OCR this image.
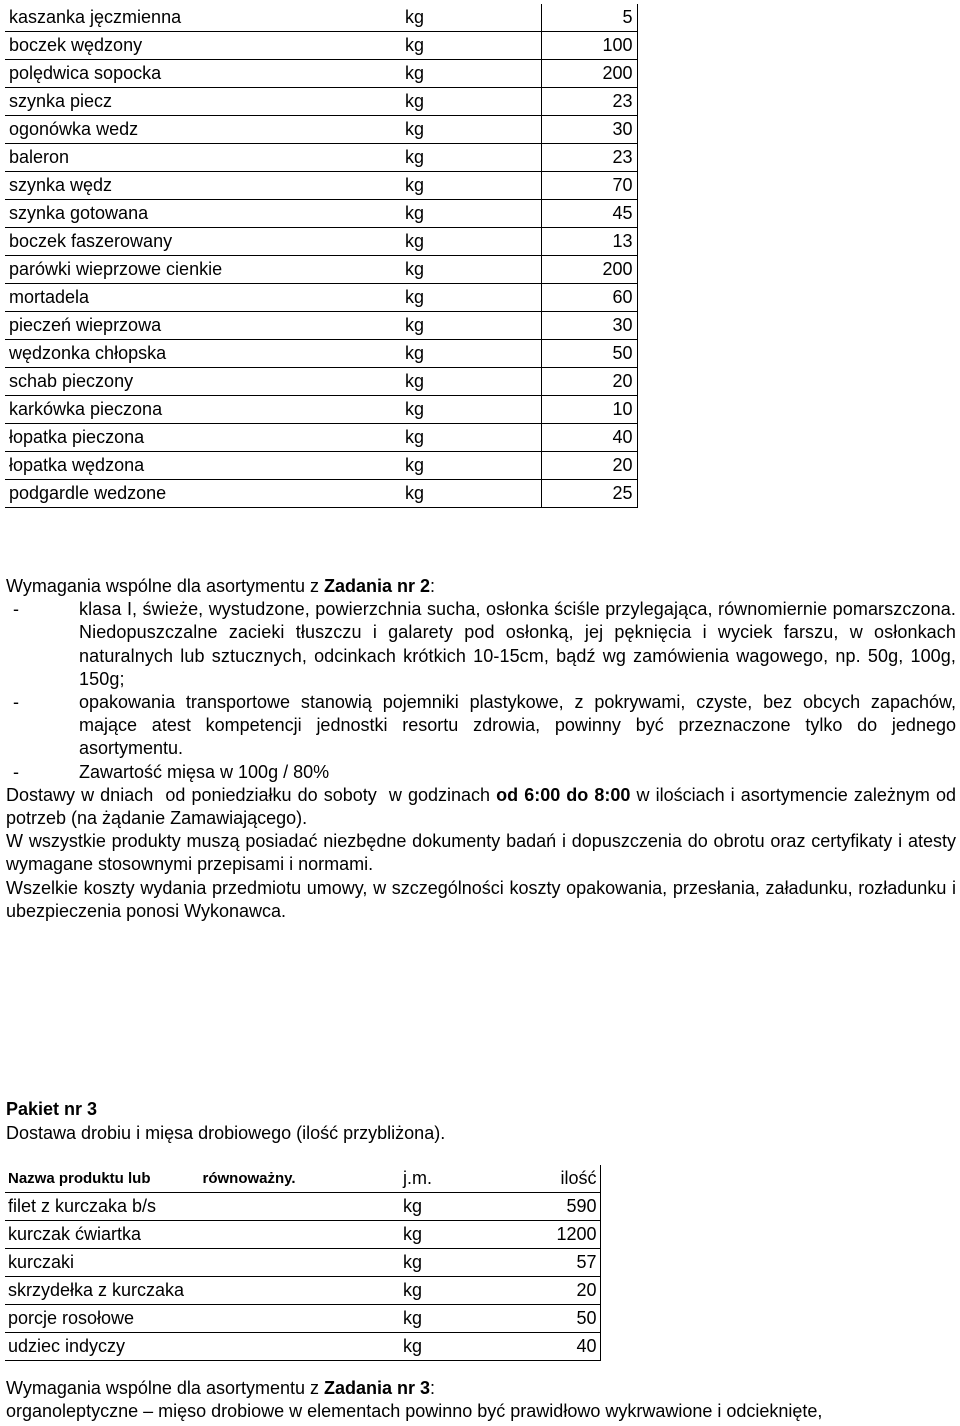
kaszanka jęczmienna	kg	5
boczek wędzony	kg	100
polędwica sopocka	kg	200
szynka piecz	kg	23
ogonówka wedz	kg	30
baleron	kg	23
szynka wędz	kg	70
szynka gotowana	kg	45
boczek faszerowany	kg	13
parówki wieprzowe cienkie	kg	200
mortadela	kg	60
pieczeń wieprzowa	kg	30
wędzonka chłopska	kg	50
schab pieczony	kg	20
karkówka pieczona	kg	10
łopatka pieczona	kg	40
łopatka wędzona	kg	20
podgardle wedzone	kg	25
Wymagania wspólne dla asortymentu z Zadania nr 2:
-	klasa I, świeże, wystudzone, powierzchnia sucha, osłonka ściśle przylegająca, równomiernie pomarszczona. Niedopuszczalne zacieki tłuszczu i galarety pod osłonką, jej pęknięcia i wyciek farszu, w osłonkach naturalnych lub sztucznych, odcinkach krótkich 10-15cm, bądź wg zamówienia wagowego, np. 50g, 100g, 150g;
-	opakowania transportowe stanowią pojemniki plastykowe, z pokrywami, czyste, bez obcych zapachów, mające atest kompetencji jednostki resortu zdrowia, powinny być przeznaczone tylko do jednego asortymentu.
-	Zawartość mięsa w 100g / 80%
Dostawy w dniach  od poniedziałku do soboty  w godzinach od 6:00 do 8:00 w ilościach i asortymencie zależnym od potrzeb (na żądanie Zamawiającego).
W wszystkie produkty muszą posiadać niezbędne dokumenty badań i dopuszczenia do obrotu oraz certyfikaty i atesty wymagane stosownymi przepisami i normami.
Wszelkie koszty wydania przedmiotu umowy, w szczególności koszty opakowania, przesłania, załadunku, rozładunku i ubezpieczenia ponosi Wykonawca.
Pakiet nr 3
Dostawa drobiu i mięsa drobiowego (ilość przybliżona).
Nazwa produktu lub równoważny.	j.m.	ilość
filet z kurczaka b/s	kg	590
kurczak ćwiartka	kg	1200
kurczaki	kg	57
skrzydełka z kurczaka	kg	20
porcje rosołowe	kg	50
udziec indyczy	kg	40
Wymagania wspólne dla asortymentu z Zadania nr 3:
organoleptyczne – mięso drobiowe w elementach powinno być prawidłowo wykrwawione i odcieknięte,
